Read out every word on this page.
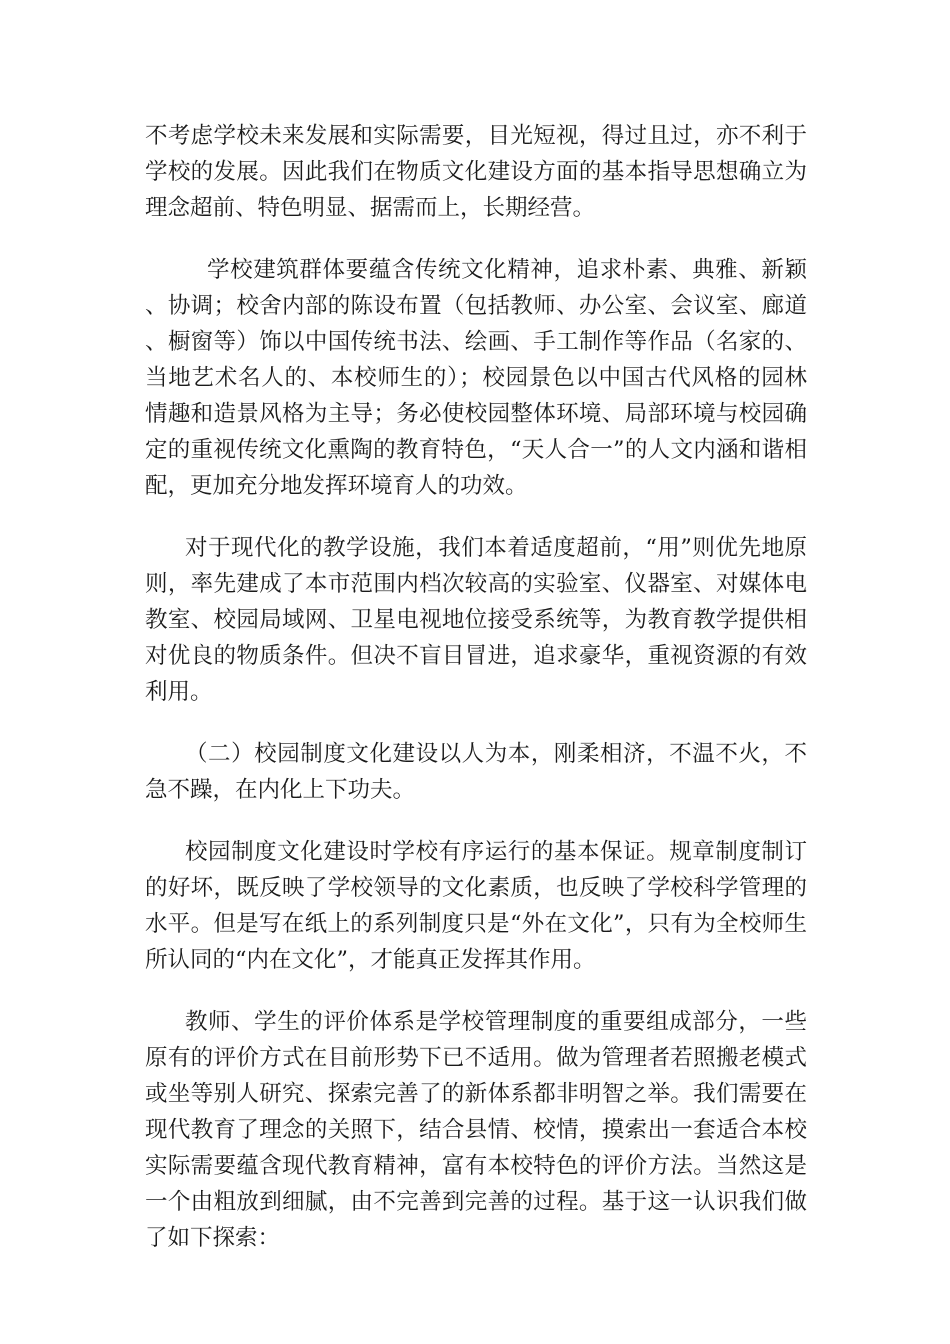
不考虑学校未来发展和实际需要，目光短视，得过且过，亦不利于学校的发展。因此我们在物质文化建设方面的基本指导思想确立为理念超前、特色明显、据需而上，长期经营。

学校建筑群体要蕴含传统文化精神，追求朴素、典雅、新颖、协调；校舍内部的陈设布置（包括教师、办公室、会议室、廊道、橱窗等）饰以中国传统书法、绘画、手工制作等作品（名家的、当地艺术名人的、本校师生的）；校园景色以中国古代风格的园林情趣和造景风格为主导；务必使校园整体环境、局部环境与校园确定的重视传统文化熏陶的教育特色，“天人合一”的人文内涵和谐相配，更加充分地发挥环境育人的功效。

对于现代化的教学设施，我们本着适度超前，“用”则优先地原则，率先建成了本市范围内档次较高的实验室、仪器室、对媒体电教室、校园局域网、卫星电视地位接受系统等，为教育教学提供相对优良的物质条件。但决不盲目冒进，追求豪华，重视资源的有效利用。

（二）校园制度文化建设以人为本，刚柔相济，不温不火，不急不躁，在内化上下功夫。

校园制度文化建设时学校有序运行的基本保证。规章制度制订的好坏，既反映了学校领导的文化素质，也反映了学校科学管理的水平。但是写在纸上的系列制度只是“外在文化”，只有为全校师生所认同的“内在文化”，才能真正发挥其作用。

教师、学生的评价体系是学校管理制度的重要组成部分，一些原有的评价方式在目前形势下已不适用。做为管理者若照搬老模式或坐等别人研究、探索完善了的新体系都非明智之举。我们需要在现代教育了理念的关照下，结合县情、校情，摸索出一套适合本校实际需要蕴含现代教育精神，富有本校特色的评价方法。当然这是一个由粗放到细腻，由不完善到完善的过程。基于这一认识我们做了如下探索：
